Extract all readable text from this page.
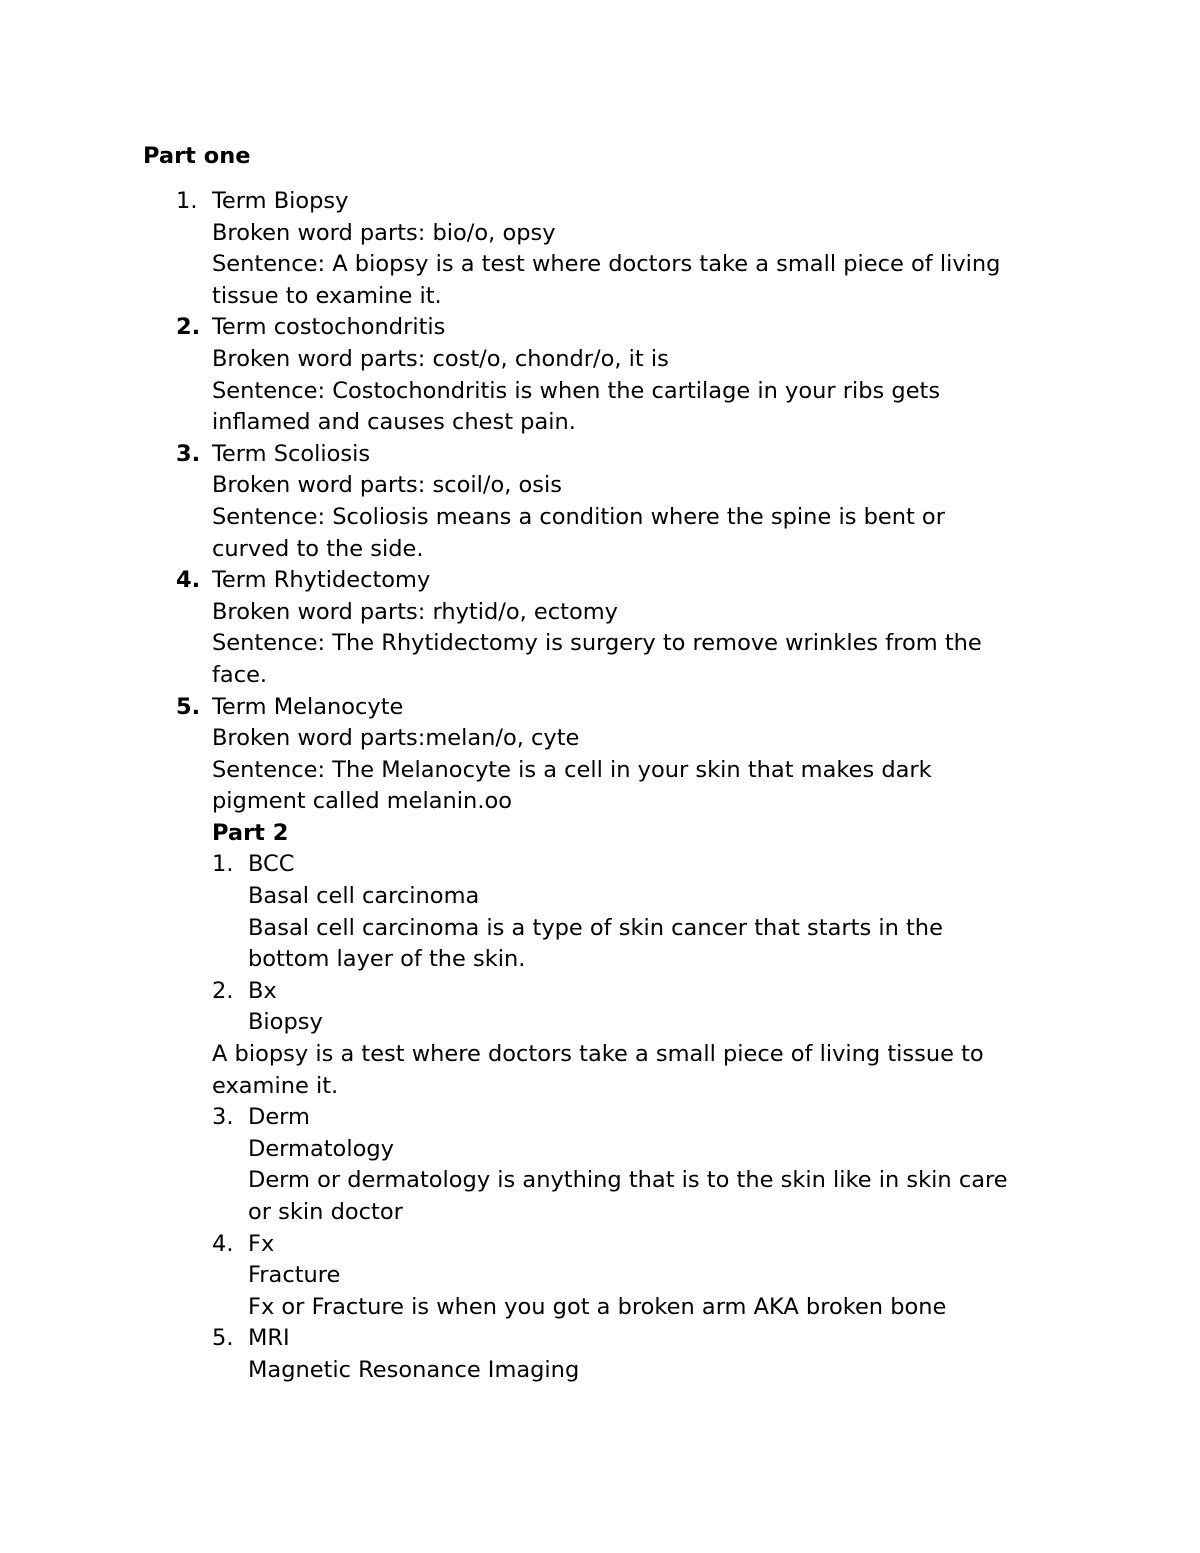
Part one
1. Term Biopsy
Broken word parts: bio/o, opsy
Sentence: A biopsy is a test where doctors take a small piece of living
tissue to examine it.
2. Term costochondritis
Broken word parts: cost/o, chondr/o, it is
Sentence: Costochondritis is when the cartilage in your ribs gets
inflamed and causes chest pain.
3. Term Scoliosis
Broken word parts: scoil/o, osis
Sentence: Scoliosis means a condition where the spine is bent or
curved to the side.
4. Term Rhytidectomy
Broken word parts: rhytid/o, ectomy
Sentence: The Rhytidectomy is surgery to remove wrinkles from the
face.
5. Term Melanocyte
Broken word parts:melan/o, cyte
Sentence: The Melanocyte is a cell in your skin that makes dark
pigment called melanin.oo
Part 2
1. BCC
Basal cell carcinoma
Basal cell carcinoma is a type of skin cancer that starts in the
bottom layer of the skin.
2. Bx
Biopsy
A biopsy is a test where doctors take a small piece of living tissue to
examine it.
3. Derm
Dermatology
Derm or dermatology is anything that is to the skin like in skin care
or skin doctor
4. Fx
Fracture
Fx or Fracture is when you got a broken arm AKA broken bone
5. MRI
Magnetic Resonance Imaging
